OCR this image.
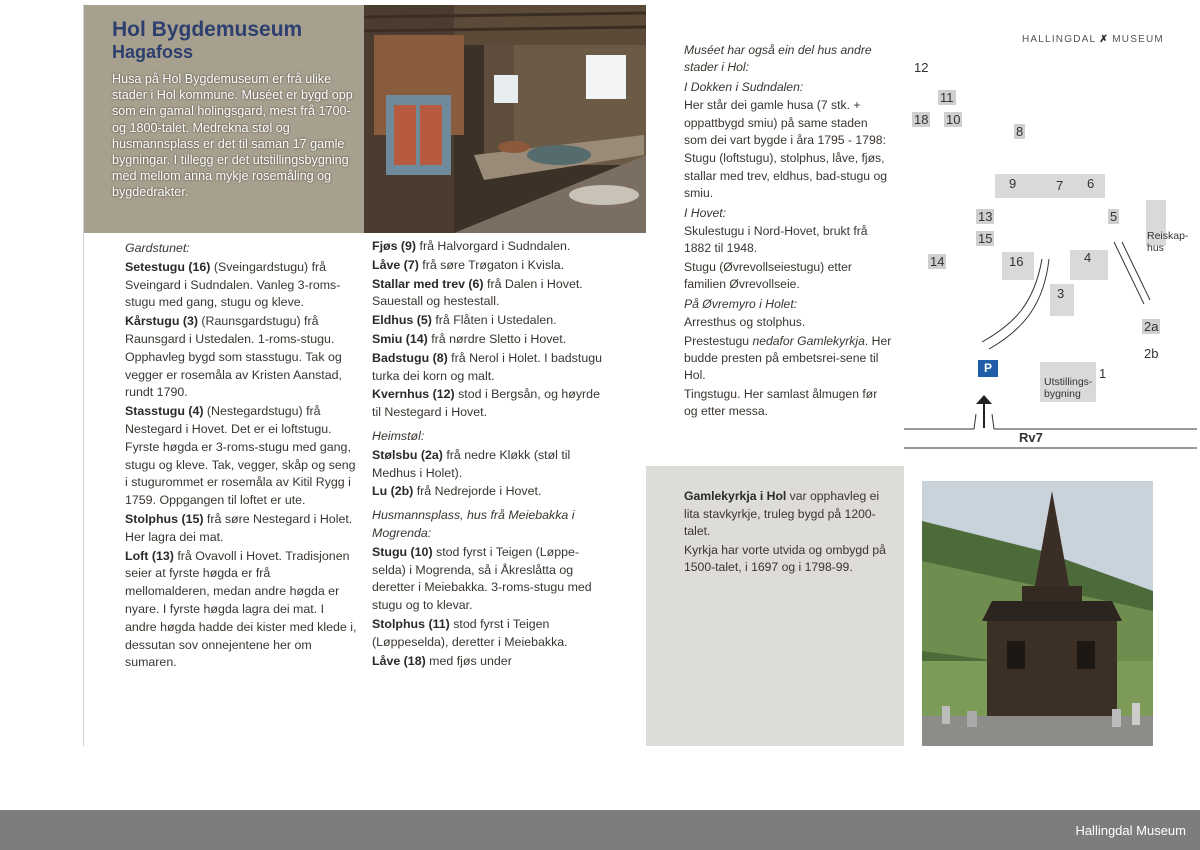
Hol Bygdemuseum
Hagafoss

Husa på Hol Bygdemuseum er frå ulike stader i Hol kommune. Muséet er bygd opp som ein gamal holingsgard, mest frå 1700- og 1800-talet. Medrekna støl og husmannsplass er det til saman 17 gamle bygningar. I tillegg er det utstillingsbygning med mellom anna mykje rosemåling og bygdedrakter.

Gardstunet:

Setestugu (16) (Sveingardstugu) frå Sveingard i Sudndalen. Vanleg 3-roms-stugu med gang, stugu og kleve.

Kårstugu (3) (Raunsgardstugu) frå Raunsgard i Ustedalen. 1-roms-stugu. Opphavleg bygd som stasstugu. Tak og vegger er rosemåla av Kristen Aanstad, rundt 1790.

Stasstugu (4) (Nestegardstugu) frå Nestegard i Hovet. Det er ei loftstugu. Fyrste høgda er 3-roms-stugu med gang, stugu og kleve. Tak, vegger, skåp og seng i stugurommet er rosemåla av Kitil Rygg i 1759. Oppgangen til loftet er ute.

Stolphus (15) frå søre Nestegard i Holet. Her lagra dei mat.

Loft (13) frå Ovavoll i Hovet. Tradisjonen seier at fyrste høgda er frå mellomalderen, medan andre høgda er nyare. I fyrste høgda lagra dei mat. I andre høgda hadde dei kister med klede i, dessutan sov onnejentene her om sumaren.

Fjøs (9) frå Halvorgard i Sudndalen.

Låve (7) frå søre Trøgaton i Kvisla.

Stallar med trev (6) frå Dalen i Hovet. Sauestall og hestestall.

Eldhus (5) frå Flåten i Ustedalen.

Smiu (14) frå nørdre Sletto i Hovet.

Badstugu (8) frå Nerol i Holet. I badstugu turka dei korn og malt.

Kvernhus (12) stod i Bergsån, og høyrde til Nestegard i Hovet.

Heimstøl:

Stølsbu (2a) frå nedre Kløkk (støl til Medhus i Holet).

Lu (2b) frå Nedrejorde i Hovet.

Husmannsplass, hus frå Meiebakka i Mogrenda:

Stugu (10) stod fyrst i Teigen (Løppe-selda) i Mogrenda, så i Åkreslåtta og deretter i Meiebakka. 3-roms-stugu med stugu og to klevar.

Stolphus (11) stod fyrst i Teigen (Løppeselda), deretter i Meiebakka.

Låve (18) med fjøs under

Muséet har også ein del hus andre stader i Hol:

I Dokken i Sudndalen:

Her står dei gamle husa (7 stk. + oppattbygd smiu) på same staden som dei vart bygde i åra 1795 - 1798:

Stugu (loftstugu), stolphus, låve, fjøs, stallar med trev, eldhus, bad-stugu og smiu.

I Hovet:

Skulestugu i Nord-Hovet, brukt frå 1882 til 1948.

Stugu (Øvrevollseiestugu) etter familien Øvrevollseie.

På Øvremyro i Holet:

Arresthus og stolphus.

Prestestugu nedafor Gamlekyrkja. Her budde presten på embetsrei-sene til Hol.

Tingstugu. Her samlast ålmugen før og etter messa.

Gamlekyrkja i Hol var opphavleg ei lita stavkyrkje, truleg bygd på 1200-talet.

Kyrkja har vorte utvida og ombygd på 1500-talet, i 1697 og i 1798-99.

HALLINGDAL ✗ MUSEUM
12
11
18 10
8
9	7 6
13	5
15
14	16	4
3
2a
2b
1
Reiskap-hus
Utstillings-bygning
P
Rv7
Hallingdal Museum
